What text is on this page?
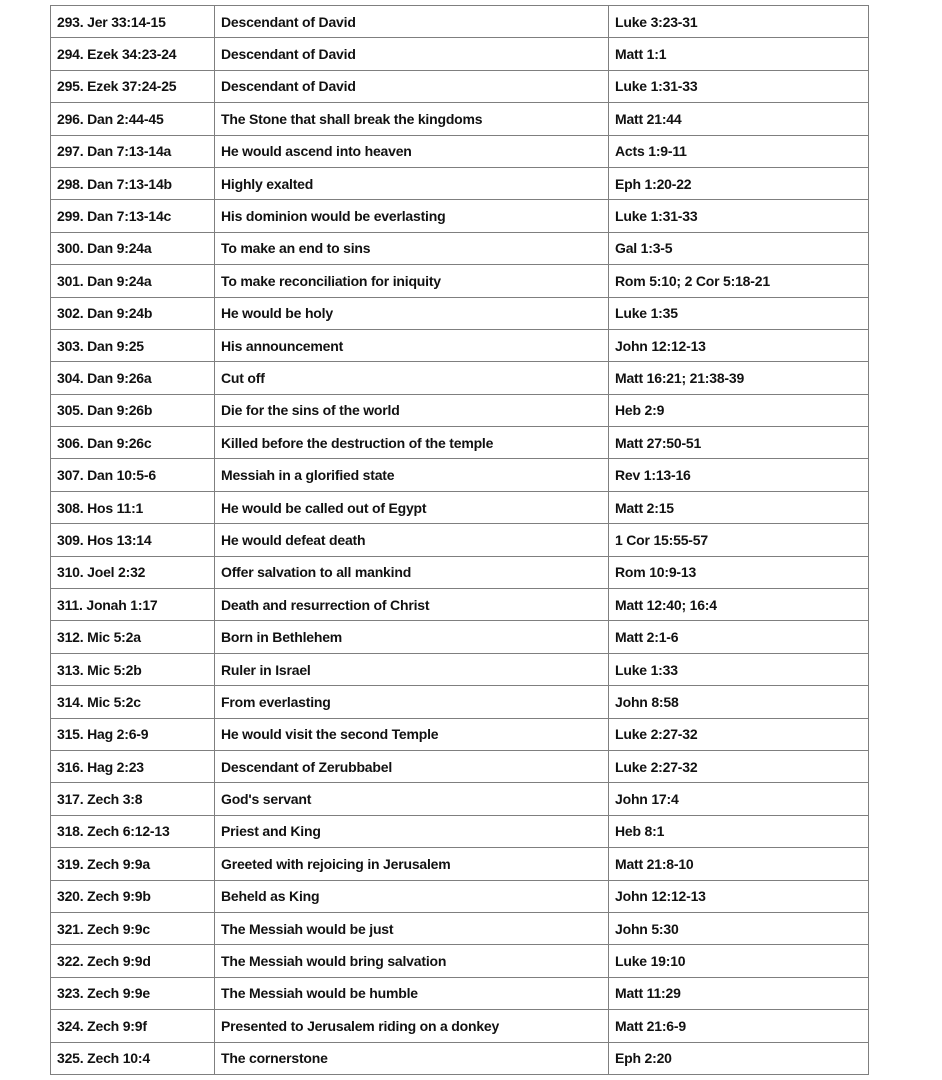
293. Jer 33:14-15	Descendant of David	Luke 3:23-31
294. Ezek 34:23-24	Descendant of David	Matt 1:1
295. Ezek 37:24-25	Descendant of David	Luke 1:31-33
296. Dan 2:44-45	The Stone that shall break the kingdoms	Matt 21:44
297. Dan 7:13-14a	He would ascend into heaven	Acts 1:9-11
298. Dan 7:13-14b	Highly exalted	Eph 1:20-22
299. Dan 7:13-14c	His dominion would be everlasting	Luke 1:31-33
300. Dan 9:24a	To make an end to sins	Gal 1:3-5
301. Dan 9:24a	To make reconciliation for iniquity	Rom 5:10; 2 Cor 5:18-21
302. Dan 9:24b	He would be holy	Luke 1:35
303. Dan 9:25	His announcement	John 12:12-13
304. Dan 9:26a	Cut off	Matt 16:21; 21:38-39
305. Dan 9:26b	Die for the sins of the world	Heb 2:9
306. Dan 9:26c	Killed before the destruction of the temple	Matt 27:50-51
307. Dan 10:5-6	Messiah in a glorified state	Rev 1:13-16
308. Hos 11:1	He would be called out of Egypt	Matt 2:15
309. Hos 13:14	He would defeat death	1 Cor 15:55-57
310. Joel 2:32	Offer salvation to all mankind	Rom 10:9-13
311. Jonah 1:17	Death and resurrection of Christ	Matt 12:40; 16:4
312. Mic 5:2a	Born in Bethlehem	Matt 2:1-6
313. Mic 5:2b	Ruler in Israel	Luke 1:33
314. Mic 5:2c	From everlasting	John 8:58
315. Hag 2:6-9	He would visit the second Temple	Luke 2:27-32
316. Hag 2:23	Descendant of Zerubbabel	Luke 2:27-32
317. Zech 3:8	God's servant	John 17:4
318. Zech 6:12-13	Priest and King	Heb 8:1
319. Zech 9:9a	Greeted with rejoicing in Jerusalem	Matt 21:8-10
320. Zech 9:9b	Beheld as King	John 12:12-13
321. Zech 9:9c	The Messiah would be just	John 5:30
322. Zech 9:9d	The Messiah would bring salvation	Luke 19:10
323. Zech 9:9e	The Messiah would be humble	Matt 11:29
324. Zech 9:9f	Presented to Jerusalem riding on a donkey	Matt 21:6-9
325. Zech 10:4	The cornerstone	Eph 2:20
